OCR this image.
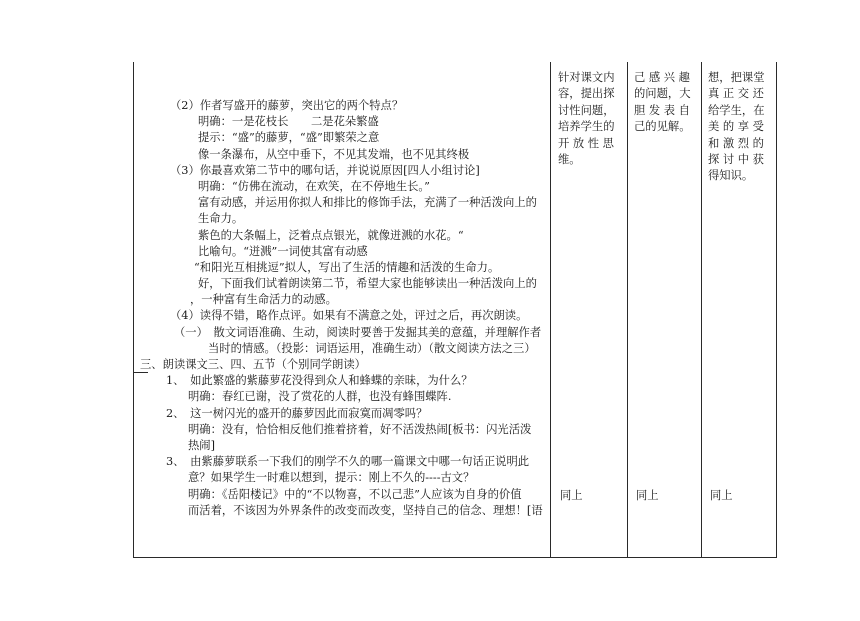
（2）作者写盛开的藤萝，突出它的两个特点？
明确：一是花枝长　　二是花朵繁盛
提示：“盛”的藤萝，“盛”即繁荣之意
像一条瀑布，从空中垂下，不见其发端，也不见其终极
（3）你最喜欢第二节中的哪句话，并说说原因[四人小组讨论]
明确：“仿佛在流动，在欢笑，在不停地生长。”
富有动感，并运用你拟人和排比的修饰手法，充满了一种活泼向上的
生命力。
紫色的大条幅上，泛着点点银光，就像迸溅的水花。“
比喻句。“迸溅”一词使其富有动感
“和阳光互相挑逗”拟人，写出了生活的情趣和活泼的生命力。
好，下面我们试着朗读第二节，希望大家也能够读出一种活泼向上的
，一种富有生命活力的动感。
（4）读得不错，略作点评。如果有不满意之处，评过之后，再次朗读。
（一）　散文词语准确、生动，阅读时要善于发掘其美的意蕴，并理解作者
当时的情感。（投影：词语运用，准确生动）（散文阅读方法之三）
三、朗读课文三、四、五节（个别同学朗读）
1、　如此繁盛的紫藤萝花没得到众人和蜂蝶的亲昧，为什么？
明确：春红已谢，没了赏花的人群，也没有蜂围蝶阵.
2、　这一树闪光的盛开的藤萝因此而寂寞而凋零吗？
明确：没有，恰恰相反他们推着挤着，好不活泼热闹[板书：闪光活泼
热闹]
3、　由紫藤萝联系一下我们的刚学不久的哪一篇课文中哪一句话正说明此
意？如果学生一时难以想到，提示：刚上不久的----古文？
明确：《岳阳楼记》中的“不以物喜，不以己悲”人应该为自身的价值
而活着，不该因为外界条件的改变而改变，坚持自己的信念、理想！[语
针对课文内
容，提出探
讨性问题，
培养学生的
开 放 性 思
维。
同上
己 感 兴 趣
的问题，大
胆 发 表 自
己的见解。
同上
想，把课堂
真 正 交 还
给学生，在
美 的 享 受
和 激 烈 的
探 讨 中 获
得知识。
同上
